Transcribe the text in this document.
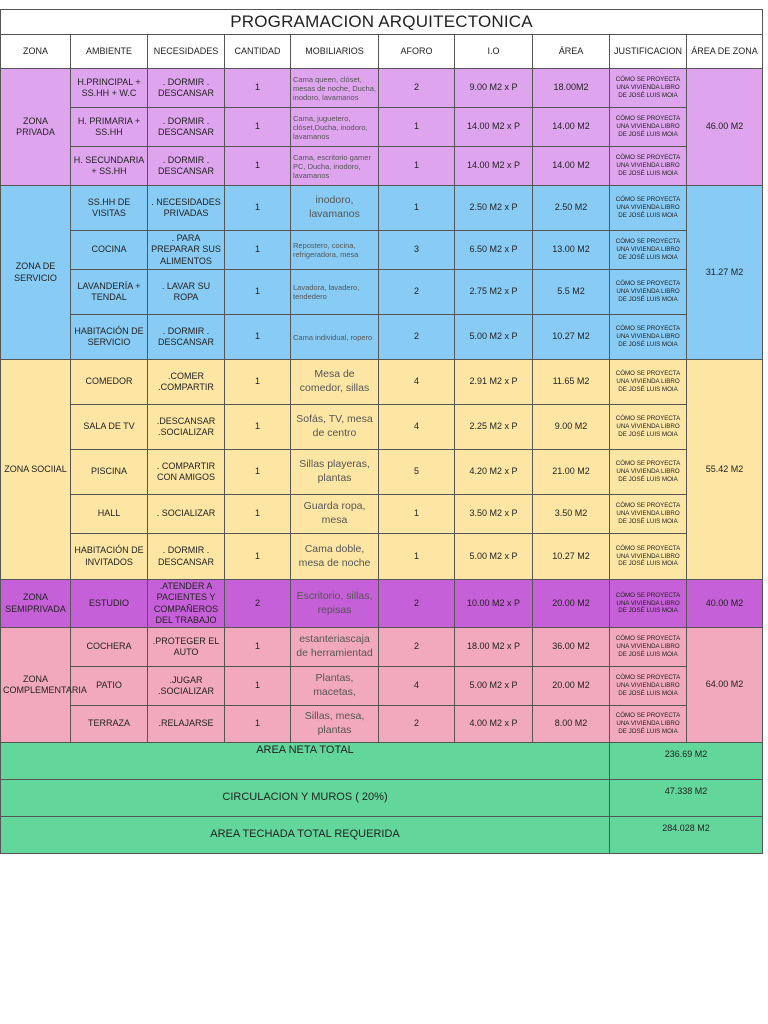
PROGRAMACION ARQUITECTONICA									
ZONA	AMBIENTE	NECESIDADES	CANTIDAD	MOBILIARIOS	AFORO	I.O	ÁREA	JUSTIFICACION	ÁREA DE ZONA
ZONA PRIVADA	H.PRINCIPAL + SS.HH + W.C	. DORMIR . DESCANSAR	1	Cama queen, clóset, mesas de noche, Ducha, inodoro, lavamanos	2	9.00 M2 x P	18.00M2	CÓMO SE PROYECTA UNA VIVIENDA LIBRO DE JOSÉ LUIS MOIA	46.00 M2
	H. PRIMARIA + SS.HH	. DORMIR . DESCANSAR	1	Cama, juguetero, clóset,Ducha, inodoro, lavamanos	1	14.00 M2 x P	14.00 M2	CÓMO SE PROYECTA UNA VIVIENDA LIBRO DE JOSÉ LUIS MOIA	
	H. SECUNDARIA + SS.HH	. DORMIR . DESCANSAR	1	Cama, escritorio gamer PC, Ducha, inodoro, lavamanos	1	14.00 M2 x P	14.00 M2	CÓMO SE PROYECTA UNA VIVIENDA LIBRO DE JOSÉ LUIS MOIA	
ZONA DE SERVICIO	SS.HH DE VISITAS	. NECESIDADES PRIVADAS	1	inodoro, lavamanos	1	2.50 M2 x P	2.50 M2	CÓMO SE PROYECTA UNA VIVIENDA LIBRO DE JOSÉ LUIS MOIA	31.27 M2
	COCINA	. PARA PREPARAR SUS ALIMENTOS	1	Repostero, cocina, refrigeradora, mesa	3	6.50 M2 x P	13.00 M2	CÓMO SE PROYECTA UNA VIVIENDA LIBRO DE JOSÉ LUIS MOIA	
	LAVANDERÍA + TENDAL	. LAVAR SU ROPA	1	Lavadora, lavadero, tendedero	2	2.75 M2 x P	5.5 M2	CÓMO SE PROYECTA UNA VIVIENDA LIBRO DE JOSÉ LUIS MOIA	
	HABITACIÓN DE SERVICIO	. DORMIR . DESCANSAR	1	Cama individual, ropero	2	5.00 M2 x P	10.27 M2	CÓMO SE PROYECTA UNA VIVIENDA LIBRO DE JOSÉ LUIS MOIA	
ZONA SOCIIAL	COMEDOR	.COMER .COMPARTIR	1	Mesa de comedor, sillas	4	2.91 M2 x P	11.65 M2	CÓMO SE PROYECTA UNA VIVIENDA LIBRO DE JOSÉ LUIS MOIA	55.42 M2
	SALA DE TV	.DESCANSAR .SOCIALIZAR	1	Sofás, TV, mesa de centro	4	2.25 M2 x P	9.00 M2	CÓMO SE PROYECTA UNA VIVIENDA LIBRO DE JOSÉ LUIS MOIA	
	PISCINA	. COMPARTIR CON AMIGOS	1	Sillas playeras, plantas	5	4.20 M2 x P	21.00 M2	CÓMO SE PROYECTA UNA VIVIENDA LIBRO DE JOSÉ LUIS MOIA	
	HALL	. SOCIALIZAR	1	Guarda ropa, mesa	1	3.50 M2 x P	3.50 M2	CÓMO SE PROYECTA UNA VIVIENDA LIBRO DE JOSÉ LUIS MOIA	
	HABITACIÓN DE INVITADOS	. DORMIR . DESCANSAR	1	Cama doble, mesa de noche	1	5.00 M2 x P	10.27 M2	CÓMO SE PROYECTA UNA VIVIENDA LIBRO DE JOSÉ LUIS MOIA	
ZONA SEMIPRIVADA	ESTUDIO	.ATENDER A PACIENTES Y COMPAÑEROS DEL TRABAJO	2	Escritorio, sillas, repisas	2	10.00 M2 x P	20.00 M2	CÓMO SE PROYECTA UNA VIVIENDA LIBRO DE JOSÉ LUIS MOIA	40.00 M2
ZONA COMPLEMENTARIA	COCHERA	.PROTEGER EL AUTO	1	estanteriascaja de herramientad	2	18.00 M2 x P	36.00 M2	CÓMO SE PROYECTA UNA VIVIENDA LIBRO DE JOSÉ LUIS MOIA	64.00 M2
	PATIO	.JUGAR .SOCIALIZAR	1	Plantas, macetas,	4	5.00 M2 x P	20.00 M2	CÓMO SE PROYECTA UNA VIVIENDA LIBRO DE JOSÉ LUIS MOIA	
	TERRAZA	.RELAJARSE	1	Sillas, mesa, plantas	2	4.00 M2 x P	8.00 M2	CÓMO SE PROYECTA UNA VIVIENDA LIBRO DE JOSÉ LUIS MOIA	
AREA NETA TOTAL								236.69 M2	
CIRCULACION Y MUROS ( 20%)								47.338 M2	
AREA TECHADA TOTAL REQUERIDA								284.028 M2	
